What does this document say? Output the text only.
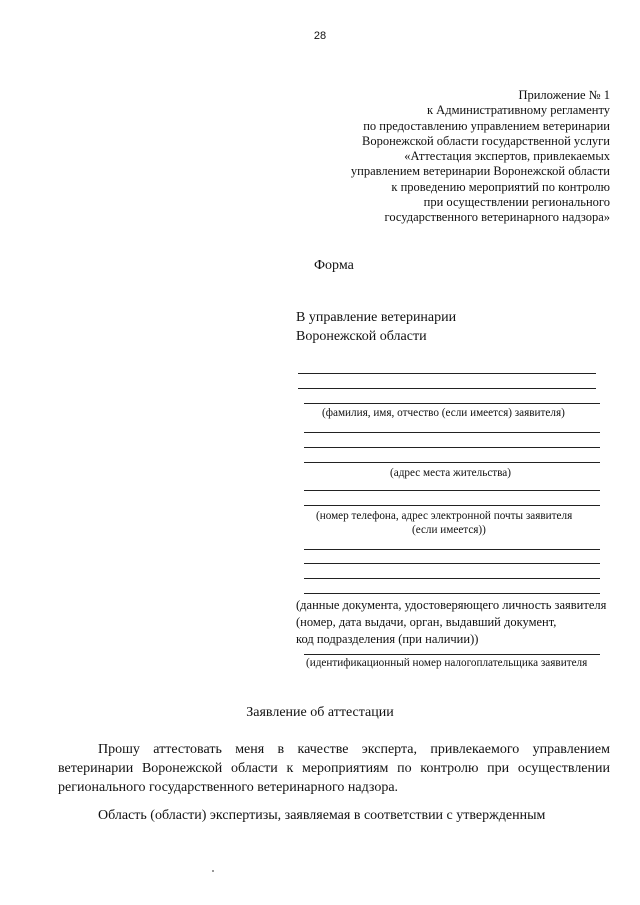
28
Приложение № 1
к Административному регламенту
по предоставлению управлением ветеринарии
Воронежской области государственной услуги
«Аттестация экспертов, привлекаемых
управлением ветеринарии Воронежской области
к проведению мероприятий по контролю
при осуществлении регионального
государственного ветеринарного надзора»
Форма
В управление ветеринарии
Воронежской области
(фамилия, имя, отчество (если имеется) заявителя)
(адрес места жительства)
(номер телефона, адрес электронной почты заявителя
(если имеется))
(данные документа, удостоверяющего личность заявителя
(номер, дата выдачи, орган, выдавший документ,
код подразделения (при наличии))
(идентификационный номер налогоплательщика заявителя
Заявление об аттестации
Прошу аттестовать меня в качестве эксперта, привлекаемого управлением ветеринарии Воронежской области к мероприятиям по контролю при осуществлении регионального государственного ветеринарного надзора.
Область (области) экспертизы, заявляемая в соответствии с утвержденным
